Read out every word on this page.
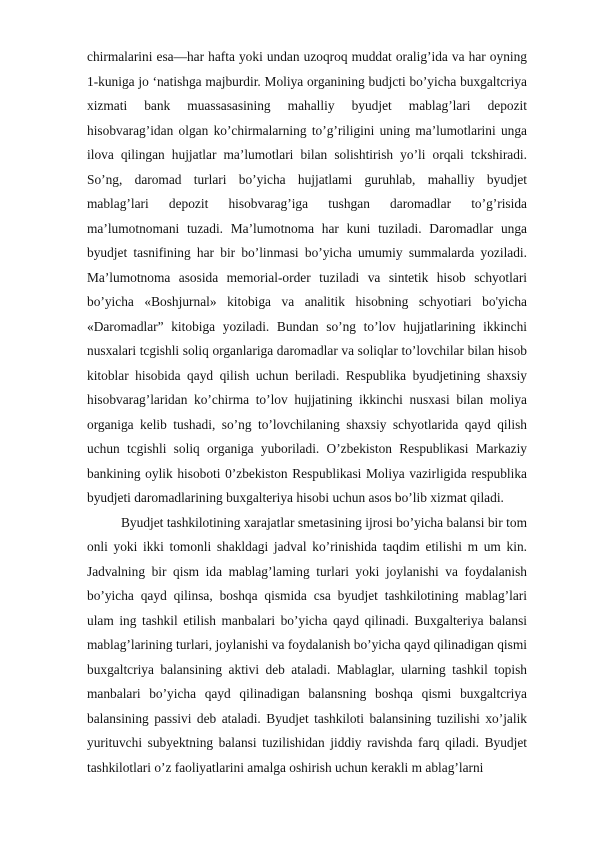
chirmalarini esa—har hafta yoki undan uzoqroq muddat oralig’ida va har oyning 1-kuniga jo ‘natishga majburdir. Moliya organining budjcti bo’yicha buxgaltcriya xizmati bank muassasasining mahalliy byudjet mablag’lari depozit hisobvarag’idan olgan ko’chirmalarning to’g’riligini uning ma’lumotlarini unga ilova qilingan hujjatlar ma’lumotlari bilan solishtirish yo’li orqali tckshiradi. So’ng, daromad turlari bo’yicha hujjatlami guruhlab, mahalliy byudjet mablag’lari depozit hisobvarag’iga tushgan daromadlar to’g’risida ma’lumotnomani tuzadi. Ma’lumotnoma har kuni tuziladi. Daromadlar unga byudjet tasnifining har bir bo’linmasi bo’yicha umumiy summalarda yoziladi. Ma’lumotnoma asosida memorial-order tuziladi va sintetik hisob schyotlari bo’yicha «Boshjurnal» kitobiga va analitik hisobning schyotiari bo'yicha «Daromadlar” kitobiga yoziladi. Bundan so’ng to’lov hujjatlarining ikkinchi nusxalari tcgishli soliq organlariga daromadlar va soliqlar to’lovchilar bilan hisob kitoblar hisobida qayd qilish uchun beriladi. Respublika byudjetining shaxsiy hisobvarag’laridan ko’chirma to’lov hujjatining ikkinchi nusxasi bilan moliya organiga kelib tushadi, so’ng to’lovchilaning shaxsiy schyotlarida qayd qilish uchun tcgishli soliq organiga yuboriladi. O’zbekiston Respublikasi Markaziy bankining oylik hisoboti 0’zbekiston Respublikasi Moliya vazirligida respublika byudjeti daromadlarining buxgalteriya hisobi uchun asos bo’lib xizmat qiladi.

Byudjet tashkilotining xarajatlar smetasining ijrosi bo’yicha balansi bir tom onli yoki ikki tomonli shakldagi jadval ko’rinishida taqdim etilishi m um kin. Jadvalning bir qism ida mablag’laming turlari yoki joylanishi va foydalanish bo’yicha qayd qilinsa, boshqa qismida csa byudjet tashkilotining mablag’lari ulam ing tashkil etilish manbalari bo’yicha qayd qilinadi. Buxgalteriya balansi mablag’larining turlari, joylanishi va foydalanish bo’yicha qayd qilinadigan qismi buxgaltcriya balansining aktivi deb ataladi. Mablaglar, ularning tashkil topish manbalari bo’yicha qayd qilinadigan balansning boshqa qismi buxgaltcriya balansining passivi deb ataladi. Byudjet tashkiloti balansining tuzilishi xo’jalik yurituvchi subyektning balansi tuzilishidan jiddiy ravishda farq qiladi. Byudjet tashkilotlari o’z faoliyatlarini amalga oshirish uchun kerakli m ablag’larni
